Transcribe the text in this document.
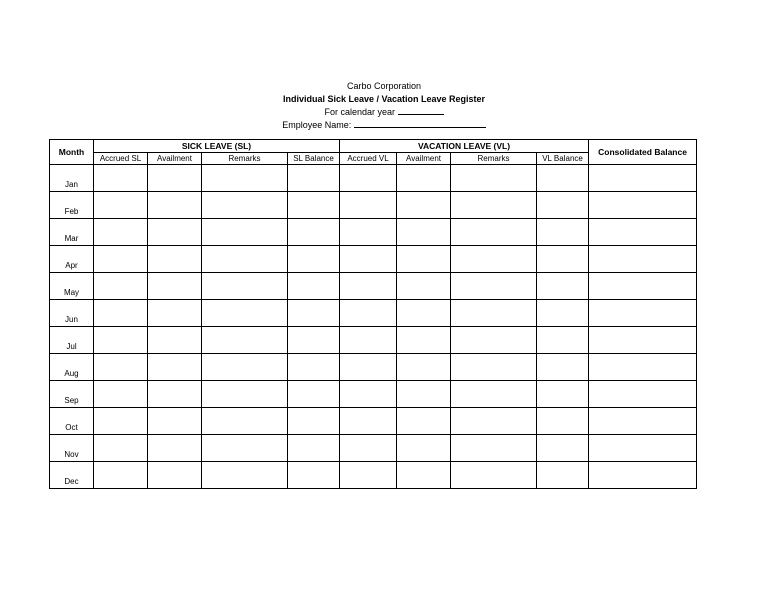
Carbo Corporation
Individual Sick Leave / Vacation Leave Register
For calendar year
Employee Name:
Month	SICK LEAVE (SL)				VACATION LEAVE (VL)				Consolidated Balance
	Accrued SL	Availment	Remarks	SL Balance	Accrued VL	Availment	Remarks	VL Balance	
Jan									
Feb									
Mar									
Apr									
May									
Jun									
Jul									
Aug									
Sep									
Oct									
Nov									
Dec									
